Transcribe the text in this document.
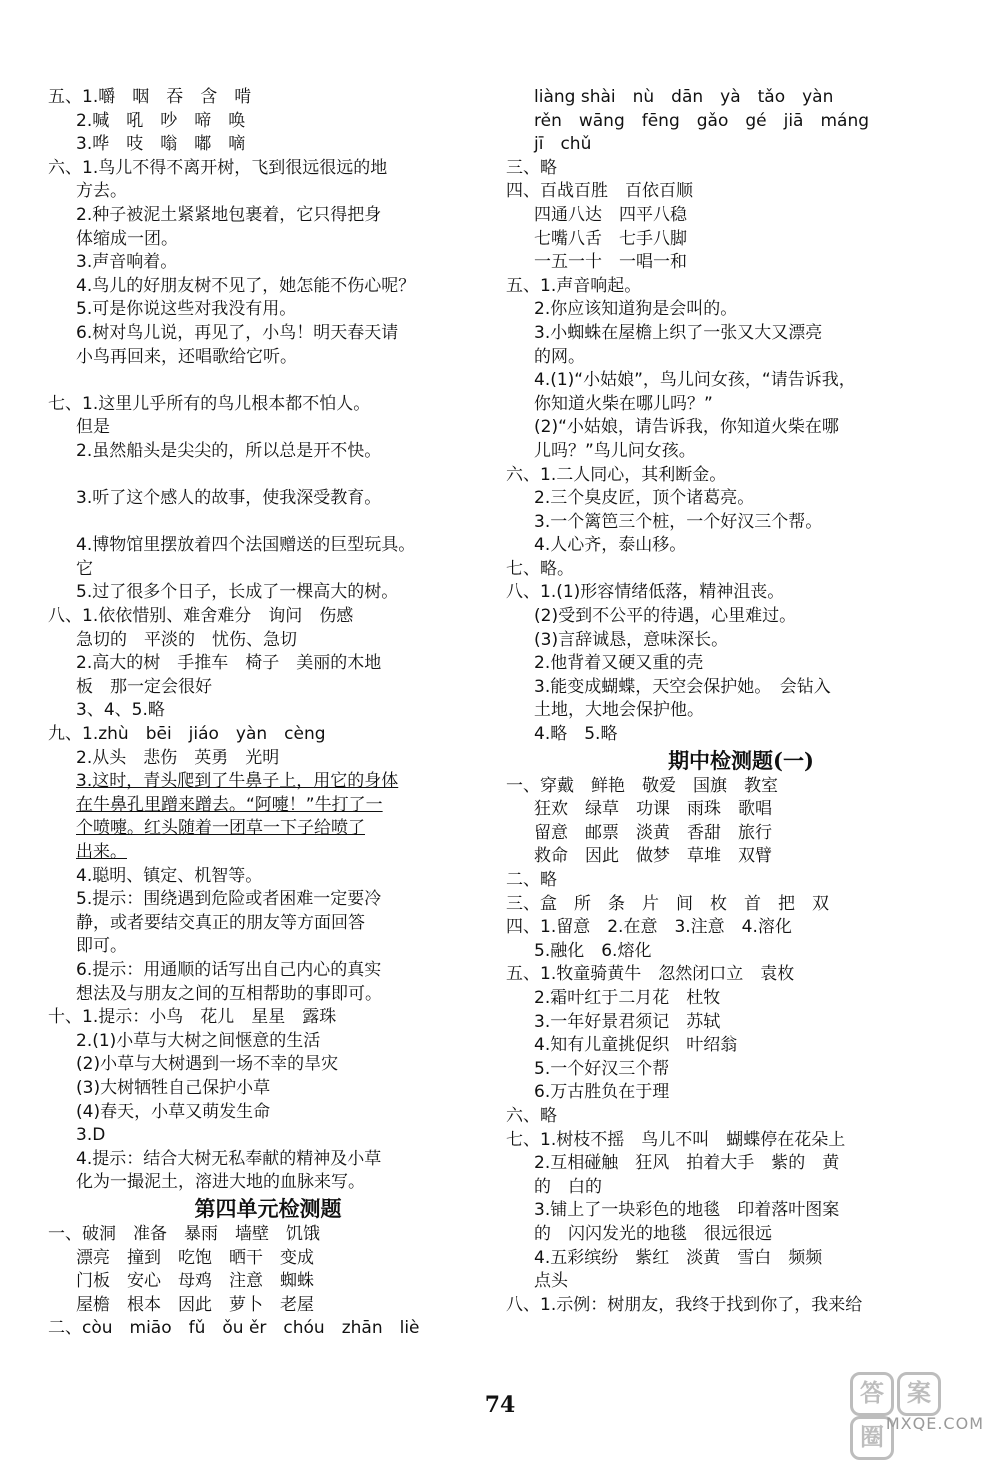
五、1.嚼　咽　吞　含　啃
2.喊　吼　吵　啼　唤
3.哗　吱　嗡　嘟　嘀
六、1.鸟儿不得不离开树，飞到很远很远的地
方去。
2.种子被泥土紧紧地包裹着，它只得把身
体缩成一团。
3.声音响着。
4.鸟儿的好朋友树不见了，她怎能不伤心呢？
5.可是你说这些对我没有用。
6.树对鸟儿说，再见了，小鸟！明天春天请
小鸟再回来，还唱歌给它听。
七、1.这里儿乎所有的鸟儿根本都不怕人。
但是
2.虽然船头是尖尖的，所以总是开不快。
3.听了这个感人的故事，使我深受教育。
4.博物馆里摆放着四个法国赠送的巨型玩具。
它
5.过了很多个日子，长成了一棵高大的树。
八、1.依依惜别、难舍难分　询问　伤感
急切的　平淡的　忧伤、急切
2.高大的树　手推车　椅子　美丽的木地
板　那一定会很好
3、4、5.略
九、1.zhù　bēi　jiáo　yàn　cèng
2.从头　悲伤　英勇　光明
3.这时，青头爬到了牛鼻子上，用它的身体
在牛鼻孔里蹭来蹭去。“阿嚏！”牛打了一
个喷嚏。红头随着一团草一下子给喷了
出来。
4.聪明、镇定、机智等。
5.提示：围绕遇到危险或者困难一定要冷
静，或者要结交真正的朋友等方面回答
即可。
6.提示：用通顺的话写出自己内心的真实
想法及与朋友之间的互相帮助的事即可。
十、1.提示：小鸟　花儿　星星　露珠
2.(1)小草与大树之间惬意的生活
(2)小草与大树遇到一场不幸的旱灾
(3)大树牺牲自己保护小草
(4)春天，小草又萌发生命
3.D
4.提示：结合大树无私奉献的精神及小草
化为一撮泥土，溶进大地的血脉来写。
第四单元检测题
一、破洞　准备　暴雨　墙壁　饥饿
漂亮　撞到　吃饱　晒干　变成
门板　安心　母鸡　注意　蜘蛛
屋檐　根本　因此　萝卜　老屋
二、còu　miāo　fǔ　ǒu ěr　chóu　zhān　liè
liàng shài　nù　dān　yà　tǎo　yàn
rěn　wāng　fēng　gǎo　gé　jiā　máng
jī　chǔ
三、略
四、百战百胜　百依百顺
四通八达　四平八稳
七嘴八舌　七手八脚
一五一十　一唱一和
五、1.声音响起。
2.你应该知道狗是会叫的。
3.小蜘蛛在屋檐上织了一张又大又漂亮
的网。
4.(1)“小姑娘”，鸟儿问女孩，“请告诉我，
你知道火柴在哪儿吗？”
(2)“小姑娘，请告诉我，你知道火柴在哪
儿吗？”鸟儿问女孩。
六、1.二人同心，其利断金。
2.三个臭皮匠，顶个诸葛亮。
3.一个篱笆三个桩，一个好汉三个帮。
4.人心齐，泰山移。
七、略。
八、1.(1)形容情绪低落，精神沮丧。
(2)受到不公平的待遇，心里难过。
(3)言辞诚恳，意味深长。
2.他背着又硬又重的壳
3.能变成蝴蝶，天空会保护她。　会钻入
土地，大地会保护他。
4.略　5.略
期中检测题(一)
一、穿戴　鲜艳　敬爱　国旗　教室
狂欢　绿草　功课　雨珠　歌唱
留意　邮票　淡黄　香甜　旅行
救命　因此　做梦　草堆　双臂
二、略
三、盒　所　条　片　间　枚　首　把　双
四、1.留意　2.在意　3.注意　4.溶化
5.融化　6.熔化
五、1.牧童骑黄牛　忽然闭口立　袁枚
2.霜叶红于二月花　杜牧
3.一年好景君须记　苏轼
4.知有儿童挑促织　叶绍翁
5.一个好汉三个帮
6.万古胜负在于理
六、略
七、1.树枝不摇　鸟儿不叫　蝴蝶停在花朵上
2.互相碰触　狂风　拍着大手　紫的　黄
的　白的
3.铺上了一块彩色的地毯　印着落叶图案
的　闪闪发光的地毯　很远很远
4.五彩缤纷　紫红　淡黄　雪白　频频
点头
八、1.示例：树朋友，我终于找到你了，我来给
74	答 案圈 MXQE.COM
